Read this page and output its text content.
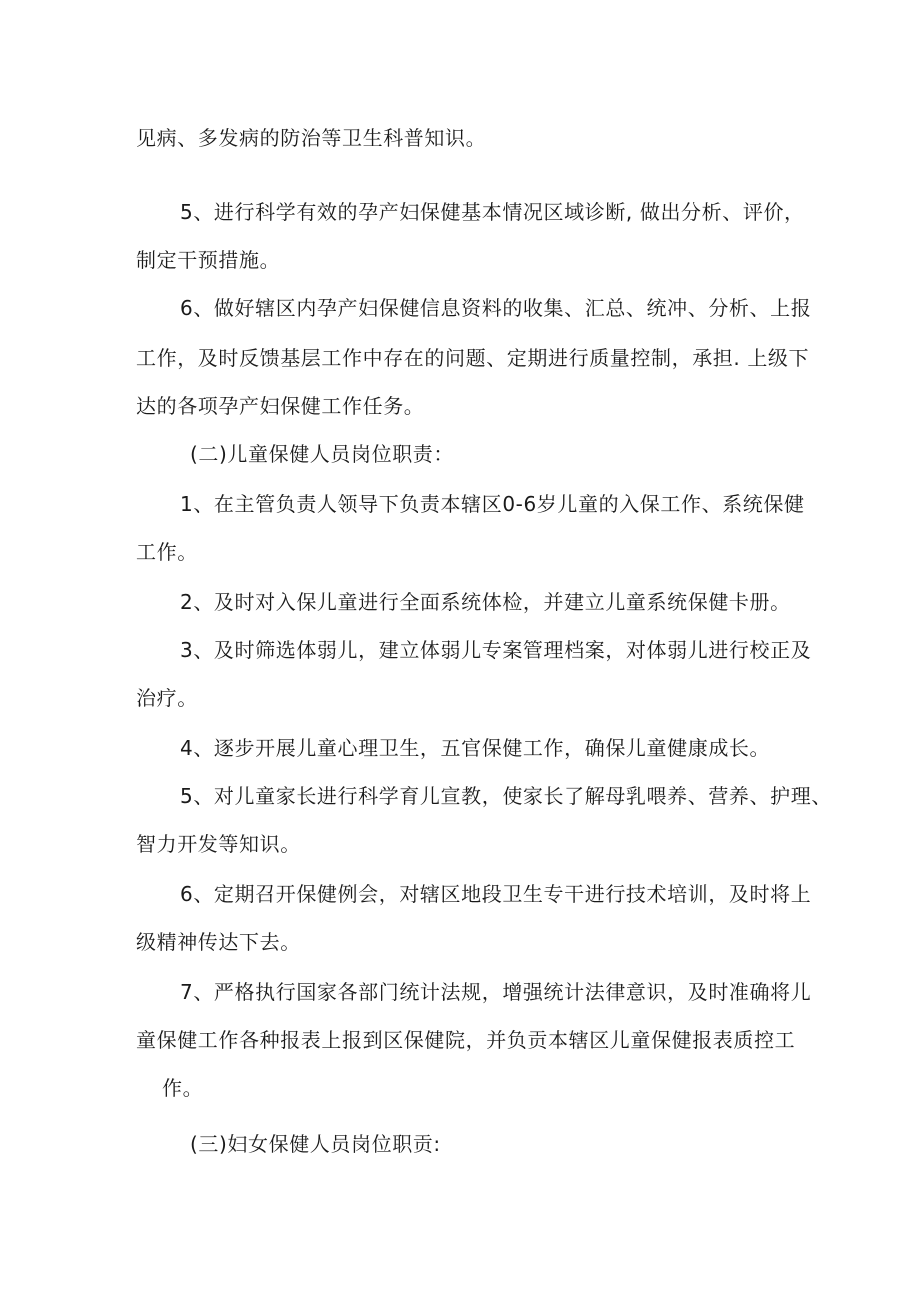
见病、多发病的防治等卫生科普知识。
5、进行科学有效的孕产妇保健基本情况区域诊断, 做出分析、评价，
制定干预措施。
6、做好辖区内孕产妇保健信息资料的收集、汇总、统冲、分析、上报
工作，及时反馈基层工作中存在的问题、定期进行质量控制，承担. 上级下
达的各项孕产妇保健工作任务。
(二)儿童保健人员岗位职责：
1、在主管负责人领导下负责本辖区0-6岁儿童的入保工作、系统保健
工作。
2、及时对入保儿童进行全面系统体检，并建立儿童系统保健卡册。
3、及时筛选体弱儿，建立体弱儿专案管理档案，对体弱儿进行校正及
治疗。
4、逐步开展儿童心理卫生，五官保健工作，确保儿童健康成长。
5、对儿童家长进行科学育儿宣教，使家长了解母乳喂养、营养、护理、
智力开发等知识。
6、定期召开保健例会，对辖区地段卫生专干进行技术培训，及时将上
级精神传达下去。
7、严格执行国家各部门统计法规，增强统计法律意识，及时准确将儿
童保健工作各种报表上报到区保健院，并负贡本辖区儿童保健报表质控工
作。
(三)妇女保健人员岗位职贡:
